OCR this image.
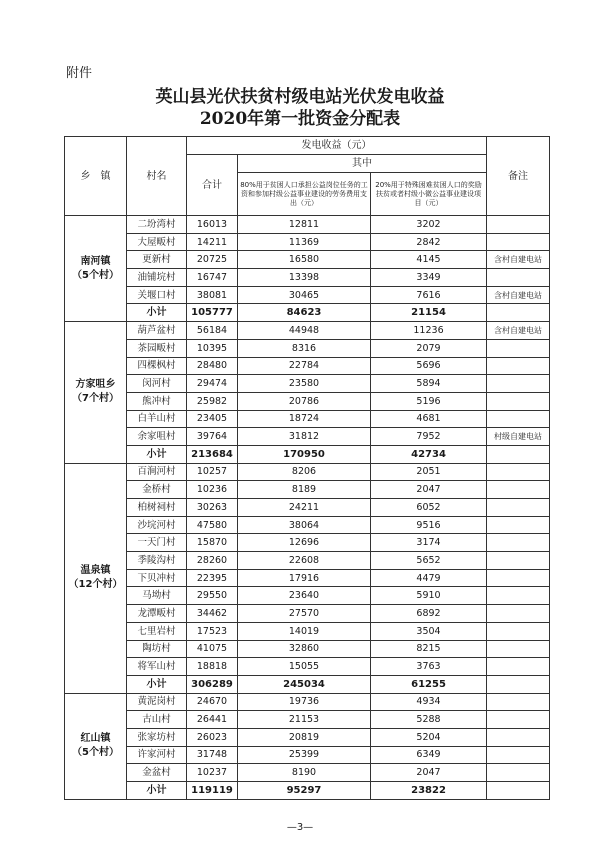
附件
英山县光伏扶贫村级电站光伏发电收益
2020年第一批资金分配表
乡　镇	村名	发电收益（元）			备注
		合计	其中		
			80%用于贫困人口承担公益岗位任务的工资和参加村级公益事业建设的劳务费用支出（元）	20%用于特殊困难贫困人口的奖励扶贫或者村级小微公益事业建设项目（元）	

南河镇
（5个村）	二坋湾村	16013	12811	3202	
	大屋畈村	14211	11369	2842	
	更新村	20725	16580	4145	含村自建电站
	油铺垸村	16747	13398	3349	
	关堰口村	38081	30465	7616	含村自建电站
	小计	105777	84623	21154	

方家咀乡
（7个村）	葫芦盆村	56184	44948	11236	含村自建电站
	茶园畈村	10395	8316	2079	
	四棵枫村	28480	22784	5696	
	闵河村	29474	23580	5894	
	熊冲村	25982	20786	5196	
	白羊山村	23405	18724	4681	
	余家咀村	39764	31812	7952	村级自建电站
	小计	213684	170950	42734	

温泉镇
（12个村）	百涧河村	10257	8206	2051	
	金桥村	10236	8189	2047	
	柏树祠村	30263	24211	6052	
	沙垸河村	47580	38064	9516	
	一天门村	15870	12696	3174	
	季陵沟村	28260	22608	5652	
	下贝冲村	22395	17916	4479	
	马坳村	29550	23640	5910	
	龙潭畈村	34462	27570	6892	
	七里岩村	17523	14019	3504	
	陶坊村	41075	32860	8215	
	将军山村	18818	15055	3763	
	小计	306289	245034	61255	

红山镇
（5个村）	黄泥岗村	24670	19736	4934	
	古山村	26441	21153	5288	
	张家坊村	26023	20819	5204	
	许家河村	31748	25399	6349	
	金盆村	10237	8190	2047	
	小计	119119	95297	23822	
—3—
